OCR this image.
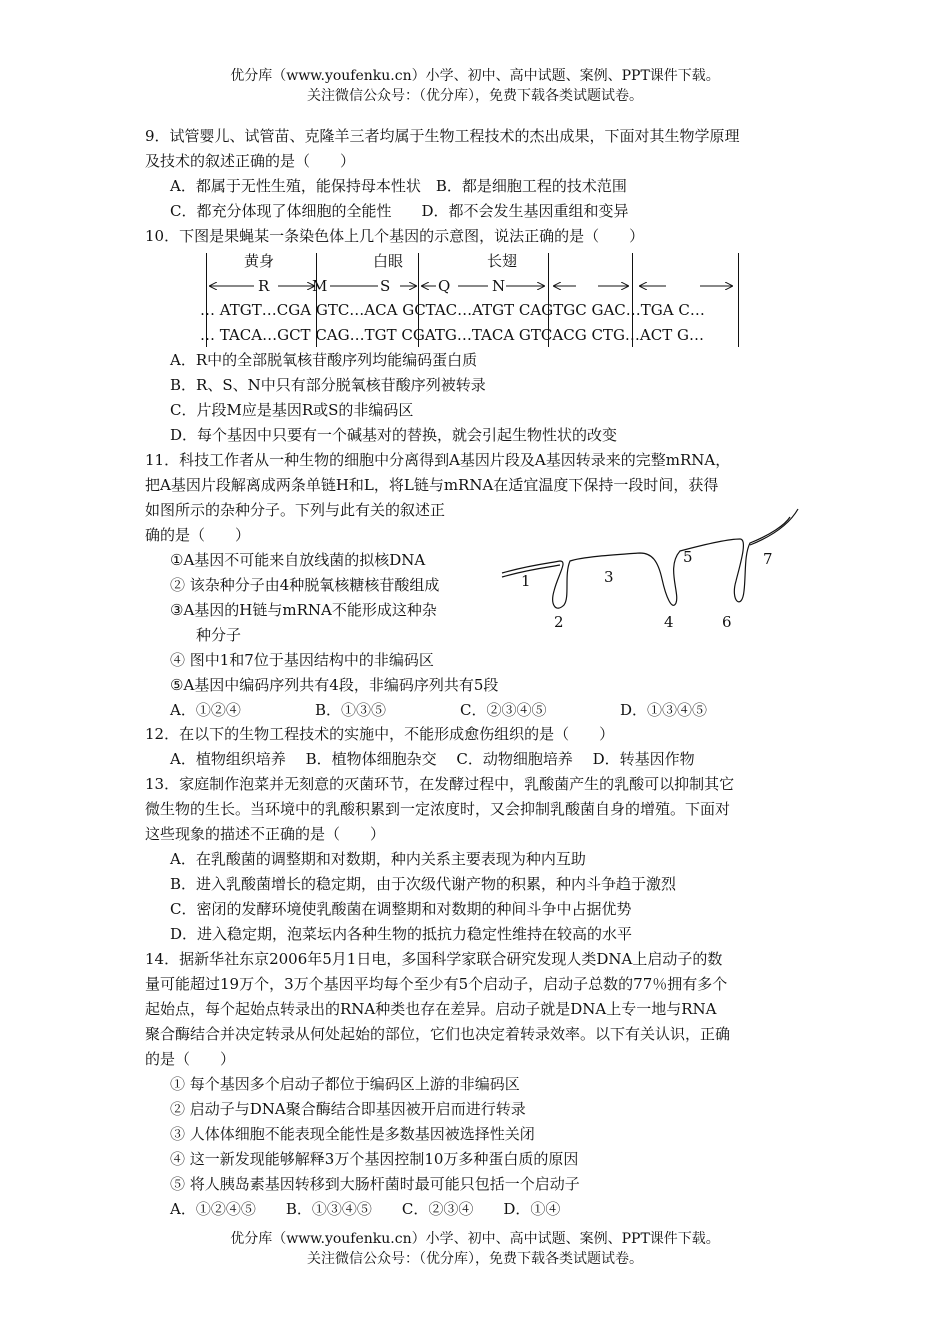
优分库（www.youfenku.cn）小学、初中、高中试题、案例、PPT课件下载。
关注微信公众号：（优分库），免费下载各类试题试卷。
9．试管婴儿、试管苗、克隆羊三者均属于生物工程技术的杰出成果，下面对其生物学原理
及技术的叙述正确的是（　　）
A．都属于无性生殖，能保持母本性状　B．都是细胞工程的技术范围
C．都充分体现了体细胞的全能性　　D．都不会发生基因重组和变异
10．下图是果蝇某一条染色体上几个基因的示意图，说法正确的是（　　）
黄身	白眼	长翅
R	M	S	Q	N
… ATGT…CGA GTC…ACA GCTAC…ATGT CAGTGC GAC…TGA C…
… TACA…GCT CAG…TGT CGATG…TACA GTCACG CTG…ACT G…
A．R中的全部脱氧核苷酸序列均能编码蛋白质
B．R、S、N中只有部分脱氧核苷酸序列被转录
C．片段M应是基因R或S的非编码区
D．每个基因中只要有一个碱基对的替换，就会引起生物性状的改变
11．科技工作者从一种生物的细胞中分离得到A基因片段及A基因转录来的完整mRNA，
把A基因片段解离成两条单链H和L，将L链与mRNA在适宜温度下保持一段时间，获得
如图所示的杂种分子。下列与此有关的叙述正
确的是（　　）
①A基因不可能来自放线菌的拟核DNA
② 该杂种分子由4种脱氧核糖核苷酸组成
③A基因的H链与mRNA不能形成这种杂
种分子
④ 图中1和7位于基因结构中的非编码区
⑤A基因中编码序列共有4段，非编码序列共有5段
A．①②④	B．①③⑤	C．②③④⑤	D．①③④⑤
1
2
3
4
5
6
7
12．在以下的生物工程技术的实施中，不能形成愈伤组织的是（　　）
A．植物组织培养　 B．植物体细胞杂交　 C．动物细胞培养　 D．转基因作物
13．家庭制作泡菜并无刻意的灭菌环节，在发酵过程中，乳酸菌产生的乳酸可以抑制其它
微生物的生长。当环境中的乳酸积累到一定浓度时，又会抑制乳酸菌自身的增殖。下面对
这些现象的描述不正确的是（　　）
A．在乳酸菌的调整期和对数期，种内关系主要表现为种内互助
B．进入乳酸菌增长的稳定期，由于次级代谢产物的积累，种内斗争趋于激烈
C．密闭的发酵环境使乳酸菌在调整期和对数期的种间斗争中占据优势
D．进入稳定期，泡菜坛内各种生物的抵抗力稳定性维持在较高的水平
14．据新华社东京2006年5月1日电，多国科学家联合研究发现人类DNA上启动子的数
量可能超过19万个，3万个基因平均每个至少有5个启动子，启动子总数的77％拥有多个
起始点，每个起始点转录出的RNA种类也存在差异。启动子就是DNA上专一地与RNA
聚合酶结合并决定转录从何处起始的部位，它们也决定着转录效率。以下有关认识，正确
的是（　　）
① 每个基因多个启动子都位于编码区上游的非编码区
② 启动子与DNA聚合酶结合即基因被开启而进行转录
③ 人体体细胞不能表现全能性是多数基因被选择性关闭
④ 这一新发现能够解释3万个基因控制10万多种蛋白质的原因
⑤ 将人胰岛素基因转移到大肠杆菌时最可能只包括一个启动子
A．①②④⑤　　B．①③④⑤　　C．②③④　　D．①④
优分库（www.youfenku.cn）小学、初中、高中试题、案例、PPT课件下载。
关注微信公众号：（优分库），免费下载各类试题试卷。
